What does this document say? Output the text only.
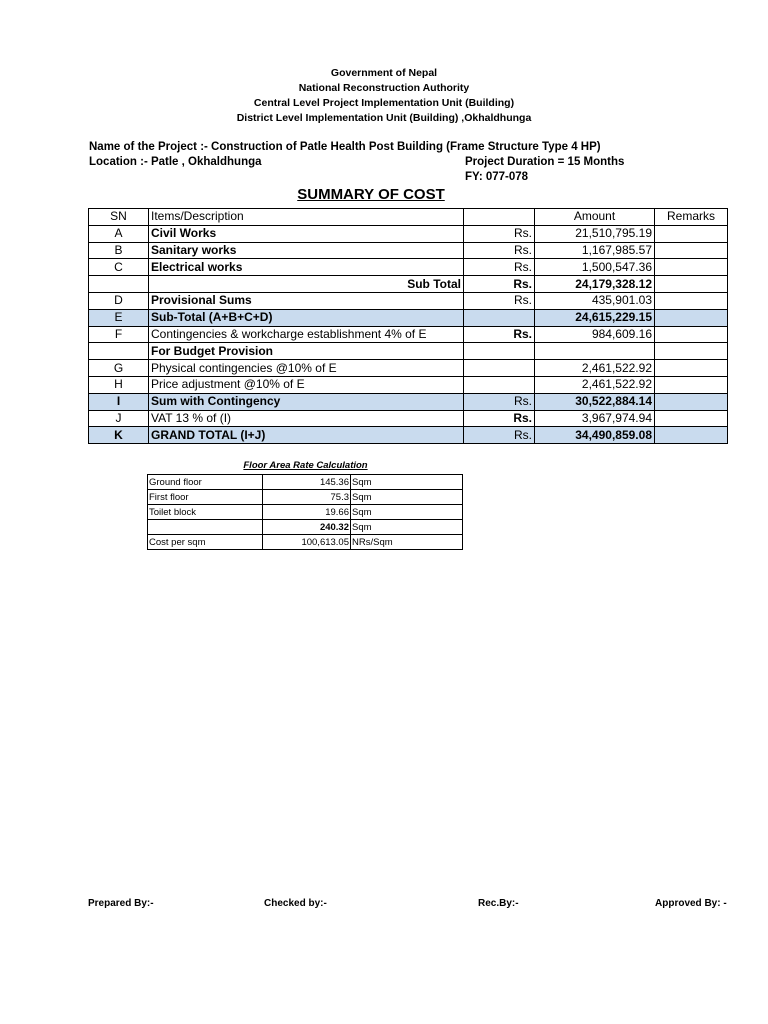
Government of Nepal
National Reconstruction Authority
Central Level Project Implementation Unit (Building)
District Level Implementation Unit (Building) ,Okhaldhunga
Name of the Project :- Construction of Patle Health Post Building (Frame Structure Type 4 HP)
Location :- Patle , Okhaldhunga	Project Duration = 15 Months
FY: 077-078
SUMMARY OF COST
SN	Items/Description		Amount	Remarks
A	Civil Works	Rs.	21,510,795.19	
B	Sanitary works	Rs.	1,167,985.57	
C	Electrical works	Rs.	1,500,547.36	
	Sub Total	Rs.	24,179,328.12	
D	Provisional Sums	Rs.	435,901.03	
E	Sub-Total (A+B+C+D)		24,615,229.15	
F	Contingencies & workcharge establishment 4% of E	Rs.	984,609.16	
	For Budget Provision			
G	Physical contingencies @10% of E		2,461,522.92	
H	Price adjustment @10% of E		2,461,522.92	
I	Sum with Contingency	Rs.	30,522,884.14	
J	VAT 13 % of (I)	Rs.	3,967,974.94	
K	GRAND TOTAL (I+J)	Rs.	34,490,859.08	
Floor Area Rate Calculation
Ground floor	145.36	Sqm
First floor	75.3	Sqm
Toilet block	19.66	Sqm
	240.32	Sqm
Cost per sqm	100,613.05	NRs/Sqm
Prepared By:-	Checked by:-	Rec.By:-	Approved By: -
